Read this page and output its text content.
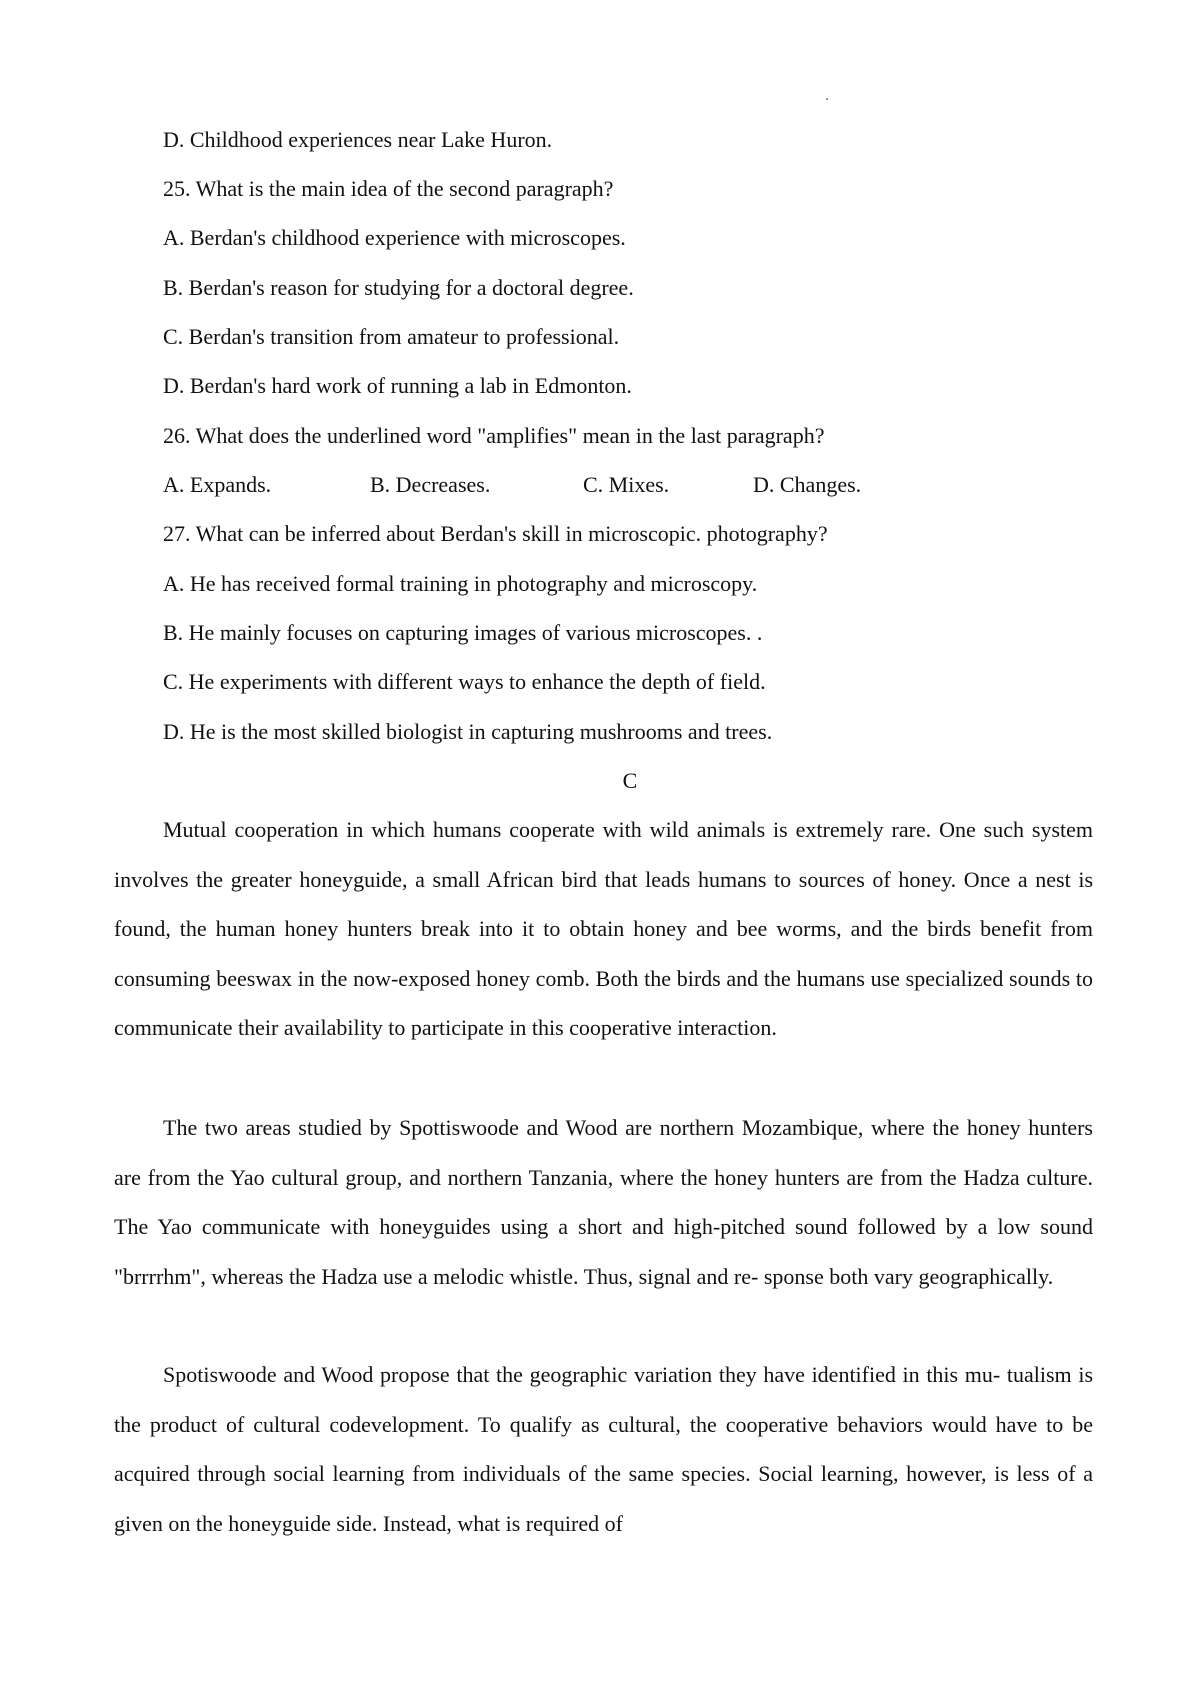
D. Childhood experiences near Lake Huron.
25. What is the main idea of the second paragraph?
A. Berdan's childhood experience with microscopes.
B. Berdan's reason for studying for a doctoral degree.
C. Berdan's transition from amateur to professional.
D. Berdan's hard work of running a lab in Edmonton.
26. What does the underlined word "amplifies" mean in the last paragraph?
A. Expands.	B. Decreases.	C. Mixes.	D. Changes.
27. What can be inferred about Berdan's skill in microscopic. photography?
A. He has received formal training in photography and microscopy.
B. He mainly focuses on capturing images of various microscopes. .
C. He experiments with different ways to enhance the depth of field.
D. He is the most skilled biologist in capturing mushrooms and trees.
C

Mutual cooperation in which humans cooperate with wild animals is extremely rare. One such system involves the greater honeyguide, a small African bird that leads humans to sources of honey. Once a nest is found, the human honey hunters break into it to obtain honey and bee worms, and the birds benefit from consuming beeswax in the now-exposed honey comb. Both the birds and the humans use specialized sounds to communicate their availability to participate in this cooperative interaction.

The two areas studied by Spottiswoode and Wood are northern Mozambique, where the honey hunters are from the Yao cultural group, and northern Tanzania, where the honey hunters are from the Hadza culture. The Yao communicate with honeyguides using a short and high-pitched sound followed by a low sound "brrrrhm", whereas the Hadza use a melodic whistle. Thus, signal and re- sponse both vary geographically.

Spotiswoode and Wood propose that the geographic variation they have identified in this mu- tualism is the product of cultural codevelopment. To qualify as cultural, the cooperative behaviors would have to be acquired through social learning from individuals of the same species. Social learning, however, is less of a given on the honeyguide side. Instead, what is required of
